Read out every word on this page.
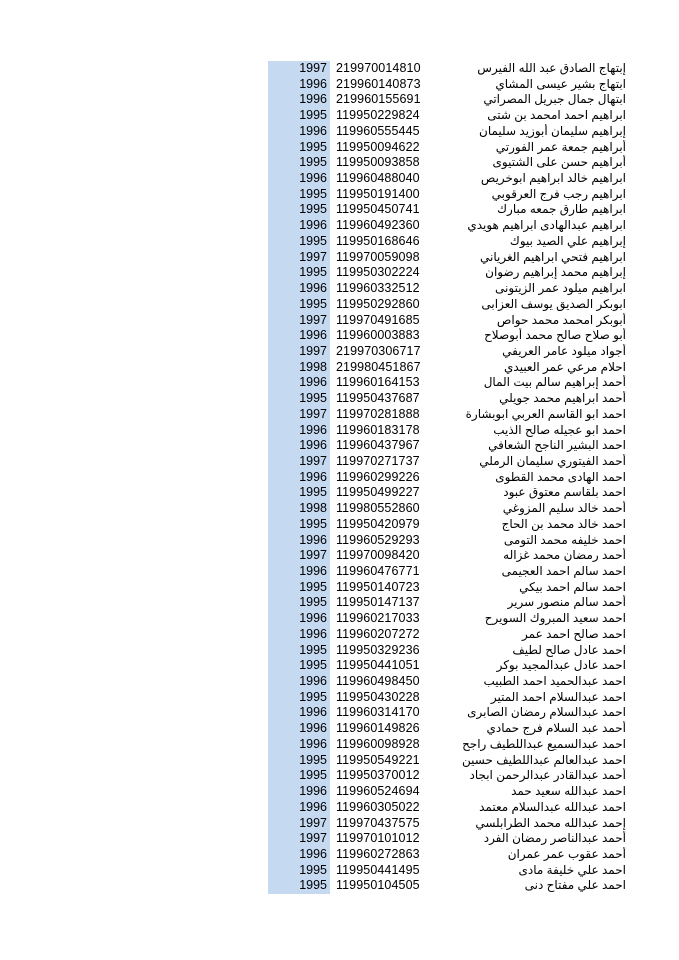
1997 219970014810	إبتهاج الصادق عبد الله الفيرس
1996 219960140873	ابتهاج بشير عيسى المشاي
1996 219960155691	ابتهال جمال جبريل المصراتي
1995 119950229824	ابراهيم احمد امحمد بن شتى
1996 119960555445	إبراهيم سليمان أبوزيد سليمان
1995 119950094622	أبراهيم جمعة عمر الفورتي
1995 119950093858	أبراهيم حسن على الشتيوى
1996 119960488040	ابراهيم خالد ابراهيم ابوخريص
1995 119950191400	ابراهيم رجب فرج العرقوبي
1995 119950450741	ابراهيم طارق جمعه مبارك
1996 119960492360	ابراهيم عبدالهادى ابراهيم هويدي
1995 119950168646	إبراهيم علي الصيد بيوك
1997 119970059098	ابراهيم فتحي ابراهيم الغرياني
1995 119950302224	إبراهيم محمد إبراهيم رضوان
1996 119960332512	ابراهيم ميلود عمر الزيتونى
1995 119950292860	ابوبكر الصديق يوسف العزابى
1997 119970491685	أبوبكر امحمد محمد حواص
1996 119960003883	أبو صلاح صالح محمد أبوصلاح
1997 219970306717	أجواد ميلود عامر العريفي
1998 219980451867	احلام مرعي عمر العبيدي
1996 119960164153	أحمد إبراهيم سالم بيت المال
1995 119950437687	أحمد ابراهيم محمد جويلي
1997 119970281888	احمد ابو القاسم العربي ابوبشارة
1996 119960183178	احمد ابو عجيله صالح الذيب
1996 119960437967	احمد البشير الناجح الشعافي
1997 119970271737	أحمد الفيتوري سليمان الرملي
1996 119960299226	احمد الهادى محمد القطوى
1995 119950499227	احمد بلقاسم معتوق عبود
1998 119980552860	أحمد خالد سليم المزوغي
1995 119950420979	احمد خالد محمد بن الحاج
1996 119960529293	احمد خليفه محمد التومى
1997 119970098420	أحمد رمضان محمد غزاله
1996 119960476771	احمد سالم احمد العجيمى
1995 119950140723	احمد سالم احمد بيكي
1995 119950147137	أحمد سالم منصور سرير
1996 119960217033	احمد سعيد المبروك السويرح
1996 119960207272	احمد صالح احمد عمر
1995 119950329236	احمد عادل صالح لطيف
1995 119950441051	احمد عادل عبدالمجيد بوكر
1996 119960498450	احمد عبدالحميد احمد الطبيب
1995 119950430228	احمد عبدالسلام احمد المتير
1996 119960314170	احمد عبدالسلام رمضان الصابرى
1996 119960149826	أحمد عبد السلام فرج حمادي
1996 119960098928	احمد عبدالسميع عبداللطيف راجح
1995 119950549221	احمد عبدالعالم عبداللطيف حسين
1995 119950370012	أحمد عبدالقادر عبدالرحمن ابجاد
1996 119960524694	احمد عبدالله سعيد حمد
1996 119960305022	احمد عبدالله عبدالسلام معتمد
1997 119970437575	إحمد عبدالله محمد الطرابلسي
1997 119970101012	أحمد عبدالناصر رمضان الفرد
1996 119960272863	أحمد عقوب عمر عمران
1995 119950441495	احمد علي خليفة مادى
1995 119950104505	احمد علي مفتاح دنى
